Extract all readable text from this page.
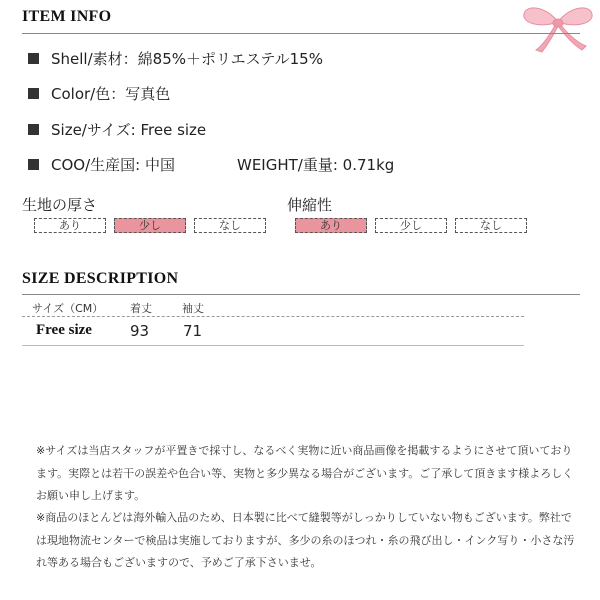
ITEM INFO
Shell/素材：綿85%＋ポリエステル15%
Color/色：写真色
Size/サイズ: Free size
COO/生産国: 中国	WEIGHT/重量: 0.71kg
生地の厚さ
あり	少し	なし
伸縮性
あり	少し	なし
SIZE DESCRIPTION
サイズ（CM） 着丈	袖丈
Free size	93 71
※サイズは当店スタッフが平置きで採寸し、なるべく実物に近い商品画像を掲載するようにさせて頂いております。実際とは若干の誤差や色合い等、実物と多少異なる場合がございます。ご了承して頂きます様よろしくお願い申し上げます。
※商品のほとんどは海外輸入品のため、日本製に比べて縫製等がしっかりしていない物もございます。弊社では現地物流センターで検品は実施しておりますが、多少の糸のほつれ・糸の飛び出し・インク写り・小さな汚れ等ある場合もございますので、予めご了承下さいませ。
